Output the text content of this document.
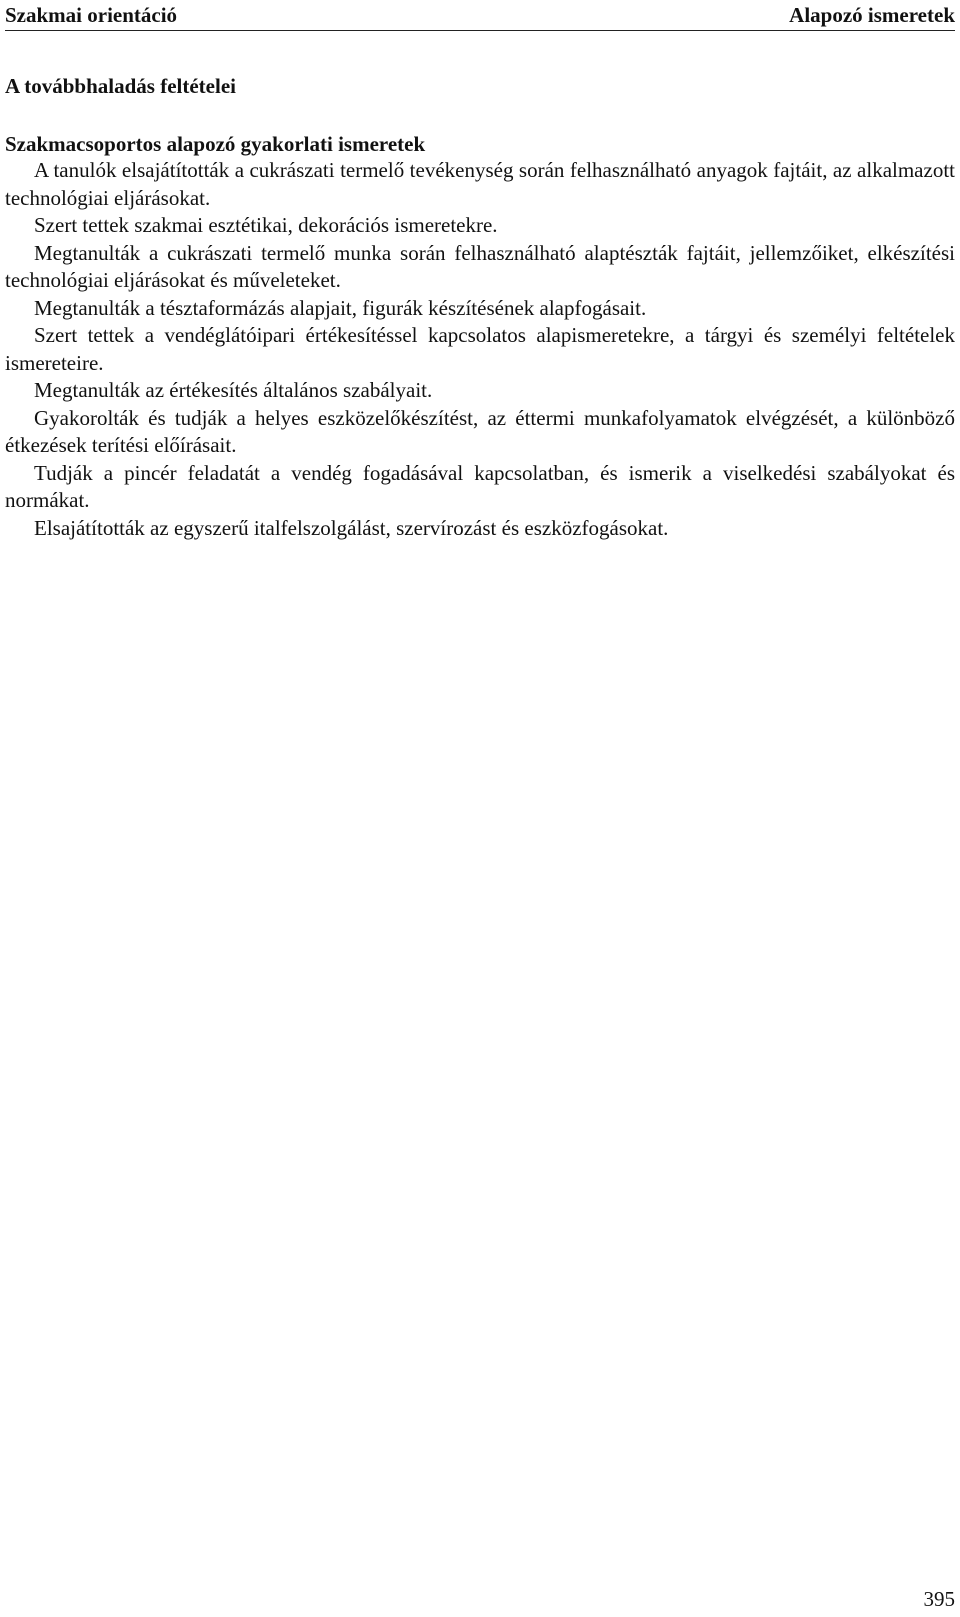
Szakmai orientáció	Alapozó ismeretek
A továbbhaladás feltételei
Szakmacsoportos alapozó gyakorlati ismeretek

A tanulók elsajátították a cukrászati termelő tevékenység során felhasználható anyagok fajtáit, az alkalmazott technológiai eljárásokat.

Szert tettek szakmai esztétikai, dekorációs ismeretekre.

Megtanulták a cukrászati termelő munka során felhasználható alaptészták fajtáit, jellemzőiket, elkészítési technológiai eljárásokat és műveleteket.

Megtanulták a tésztaformázás alapjait, figurák készítésének alapfogásait.

Szert tettek a vendéglátóipari értékesítéssel kapcsolatos alapismeretekre, a tárgyi és személyi feltételek ismereteire.

Megtanulták az értékesítés általános szabályait.

Gyakorolták és tudják a helyes eszközelőkészítést, az éttermi munkafolyamatok elvégzését, a különböző étkezések terítési előírásait.

Tudják a pincér feladatát a vendég fogadásával kapcsolatban, és ismerik a viselkedési szabályokat és normákat.

Elsajátították az egyszerű italfelszolgálást, szervírozást és eszközfogásokat.

395
